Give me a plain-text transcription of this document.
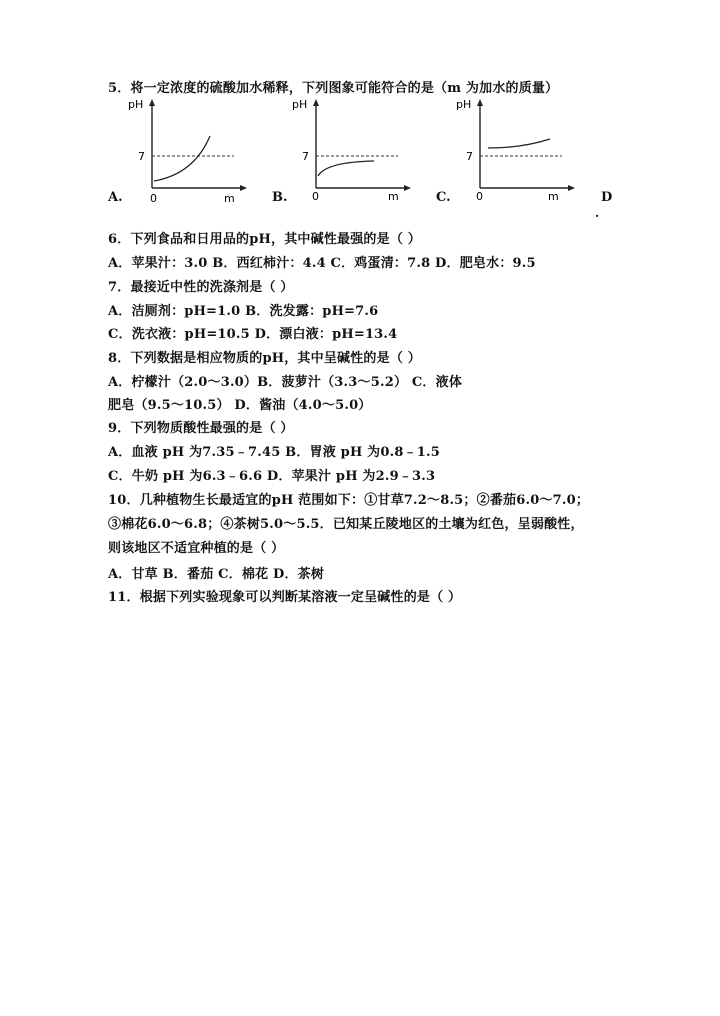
5．将一定浓度的硫酸加水稀释，下列图象可能符合的是（m 为加水的质量）
A.
pH
7
0	m	B.
pH
7
0	m	C.
pH
7
0	m	D
.
6．下列食品和日用品的pH，其中碱性最强的是（ ）
A．苹果汁：3.0 B．西红柿汁：4.4 C．鸡蛋清：7.8 D．肥皂水：9.5
7．最接近中性的洗涤剂是（ ）
A．洁厕剂：pH=1.0 B．洗发露：pH=7.6
C．洗衣液：pH=10.5 D．漂白液：pH=13.4
8．下列数据是相应物质的pH，其中呈碱性的是（ ）
A．柠檬汁（2.0～3.0）B．菠萝汁（3.3～5.2） C．液体
肥皂（9.5～10.5） D．酱油（4.0～5.0）
9．下列物质酸性最强的是（ ）
A．血液 pH 为7.35﹣7.45 B．胃液 pH 为0.8﹣1.5
C．牛奶 pH 为6.3﹣6.6 D．苹果汁 pH 为2.9﹣3.3
10．几种植物生长最适宜的pH 范围如下：①甘草7.2～8.5；②番茄6.0～7.0；
③棉花6.0～6.8；④茶树5.0～5.5．已知某丘陵地区的土壤为红色，呈弱酸性，
则该地区不适宜种植的是（ ）
A．甘草 B．番茄 C．棉花 D．茶树
11．根据下列实验现象可以判断某溶液一定呈碱性的是（ ）
